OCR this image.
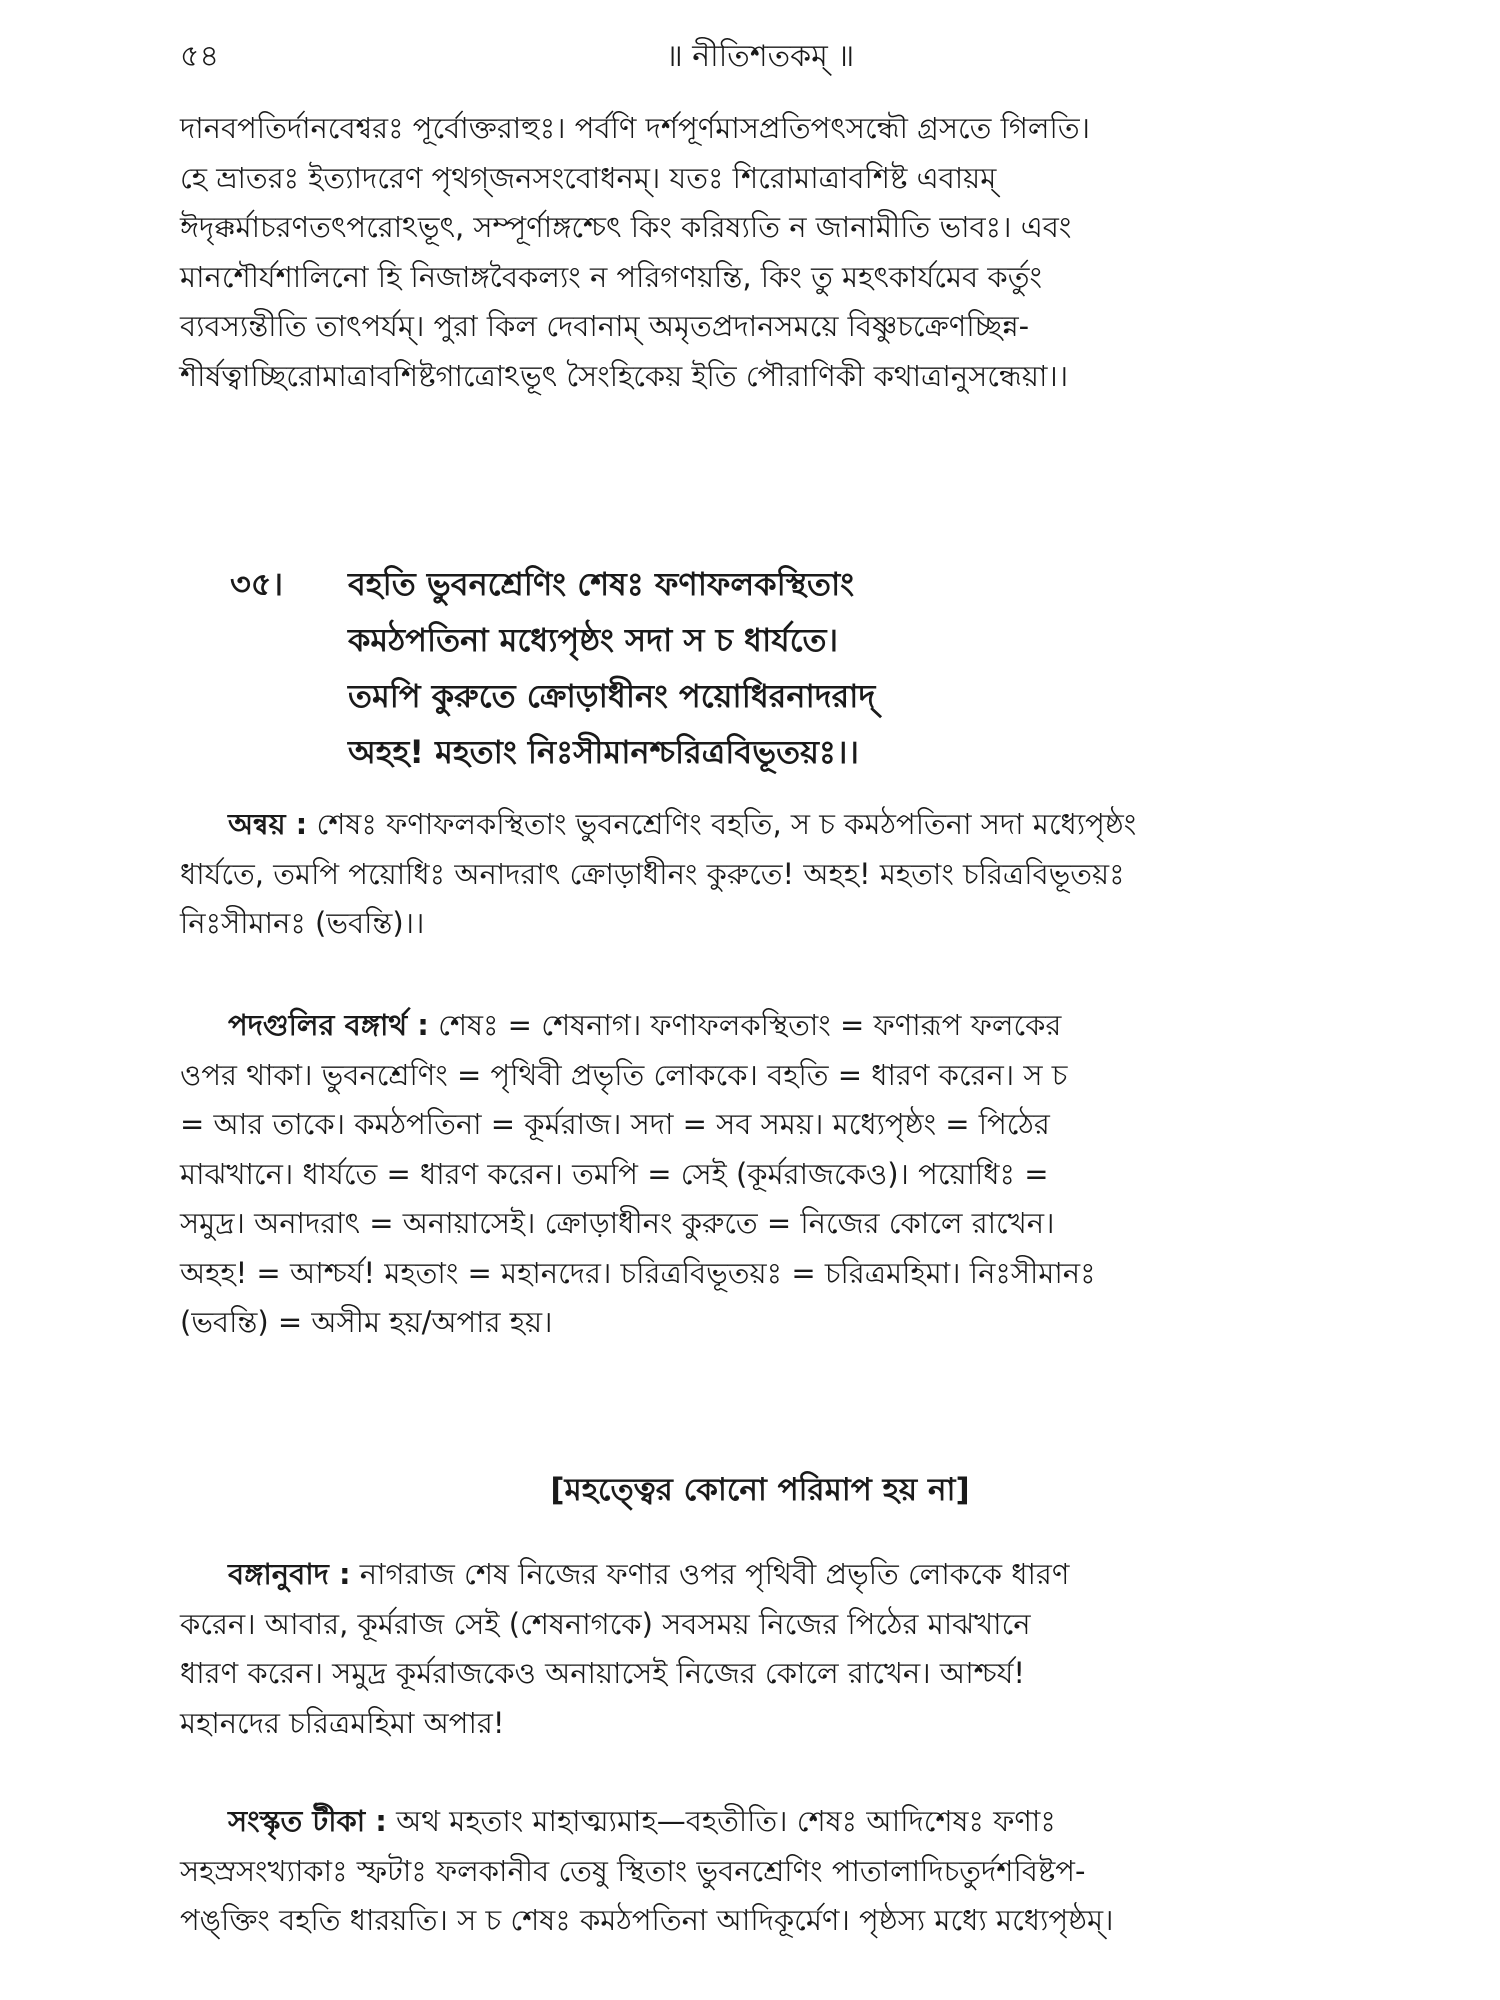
৫৪	॥ নীতিশতকম্ ॥
দানবপতির্দানবেশ্বরঃ পূর্বোক্তরাহুঃ। পর্বণি দর্শপূর্ণমাসপ্রতিপৎসন্ধৌ গ্রসতে গিলতি।
হে ভ্রাতরঃ ইত্যাদরেণ পৃথগ্জনসংবোধনম্। যতঃ শিরোমাত্রাবশিষ্ট এবায়ম্
ঈদৃক্কর্মাচরণতৎপরোঽভূৎ, সম্পূর্ণাঙ্গশ্চেৎ কিং করিষ্যতি ন জানামীতি ভাবঃ। এবং
মানশৌর্যশালিনো হি নিজাঙ্গবৈকল্যং ন পরিগণয়ন্তি, কিং তু মহৎকার্যমেব কর্তুং
ব্যবস্যন্তীতি তাৎপর্যম্। পুরা কিল দেবানাম্ অমৃতপ্রদানসময়ে বিষ্ণুচক্রেণচ্ছিন্ন-
শীর্ষত্বাচ্ছিরোমাত্রাবশিষ্টগাত্রোঽভূৎ সৈংহিকেয় ইতি পৌরাণিকী কথাত্রানুসন্ধেয়া।।
৩৫। বহতি ভুবনশ্রেণিং শেষঃ ফণাফলকস্থিতাং
কমঠপতিনা মধ্যেপৃষ্ঠং সদা স চ ধার্যতে।
তমপি কুরুতে ক্রোড়াধীনং পয়োধিরনাদরাদ্
অহহ! মহতাং নিঃসীমানশ্চরিত্রবিভূতয়ঃ।।
অন্বয় : শেষঃ ফণাফলকস্থিতাং ভুবনশ্রেণিং বহতি, স চ কমঠপতিনা সদা মধ্যেপৃষ্ঠং
ধার্যতে, তমপি পয়োধিঃ অনাদরাৎ ক্রোড়াধীনং কুরুতে! অহহ! মহতাং চরিত্রবিভূতয়ঃ
নিঃসীমানঃ (ভবন্তি)।।
পদগুলির বঙ্গার্থ : শেষঃ = শেষনাগ। ফণাফলকস্থিতাং = ফণারূপ ফলকের
ওপর থাকা। ভুবনশ্রেণিং = পৃথিবী প্রভৃতি লোককে। বহতি = ধারণ করেন। স চ
= আর তাকে। কমঠপতিনা = কূর্মরাজ। সদা = সব সময়। মধ্যেপৃষ্ঠং = পিঠের
মাঝখানে। ধার্যতে = ধারণ করেন। তমপি = সেই (কূর্মরাজকেও)। পয়োধিঃ =
সমুদ্র। অনাদরাৎ = অনায়াসেই। ক্রোড়াধীনং কুরুতে = নিজের কোলে রাখেন।
অহহ! = আশ্চর্য! মহতাং = মহানদের। চরিত্রবিভূতয়ঃ = চরিত্রমহিমা। নিঃসীমানঃ
(ভবন্তি) = অসীম হয়/অপার হয়।
[মহত্ত্বের কোনো পরিমাপ হয় না]
বঙ্গানুবাদ : নাগরাজ শেষ নিজের ফণার ওপর পৃথিবী প্রভৃতি লোককে ধারণ
করেন। আবার, কূর্মরাজ সেই (শেষনাগকে) সবসময় নিজের পিঠের মাঝখানে
ধারণ করেন। সমুদ্র কূর্মরাজকেও অনায়াসেই নিজের কোলে রাখেন। আশ্চর্য!
মহানদের চরিত্রমহিমা অপার!
সংস্কৃত টীকা : অথ মহতাং মাহাত্ম্যমাহ—বহতীতি। শেষঃ আদিশেষঃ ফণাঃ
সহস্রসংখ্যাকাঃ স্ফটাঃ ফলকানীব তেষু স্থিতাং ভুবনশ্রেণিং পাতালাদিচতুর্দশবিষ্টপ-
পঙ্‌ক্তিং বহতি ধারয়তি। স চ শেষঃ কমঠপতিনা আদিকূর্মেণ। পৃষ্ঠস্য মধ্যে মধ্যেপৃষ্ঠম্।
